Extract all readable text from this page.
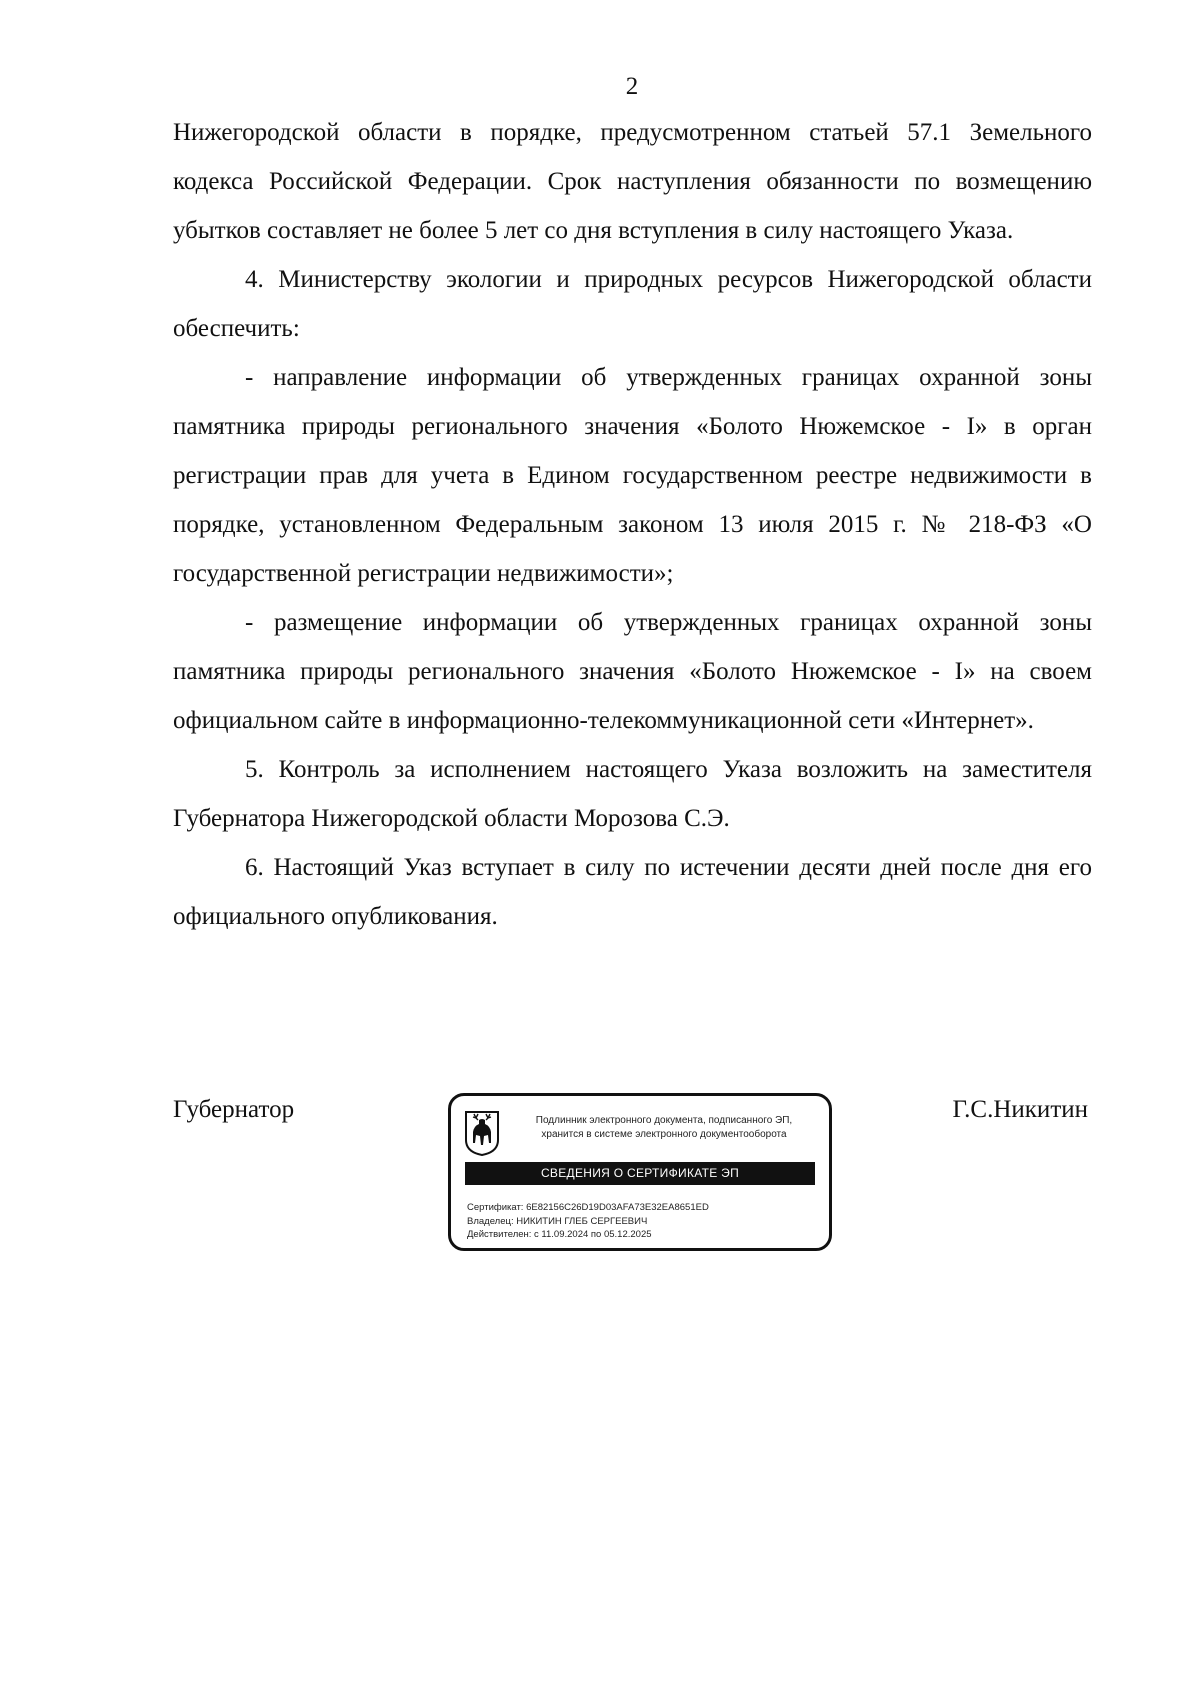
2

Нижегородской области в порядке, предусмотренном статьей 57.1 Земельного кодекса Российской Федерации. Срок наступления обязанности по возмещению убытков составляет не более 5 лет со дня вступления в силу настоящего Указа.

4. Министерству экологии и природных ресурсов Нижегородской области обеспечить:

- направление информации об утвержденных границах охранной зоны памятника природы регионального значения «Болото Нюжемское - I» в орган регистрации прав для учета в Едином государственном реестре недвижимости в порядке, установленном Федеральным законом 13 июля 2015 г. № 218-ФЗ «О государственной регистрации недвижимости»;

- размещение информации об утвержденных границах охранной зоны памятника природы регионального значения «Болото Нюжемское - I» на своем официальном сайте в информационно-телекоммуникационной сети «Интернет».

5. Контроль за исполнением настоящего Указа возложить на заместителя Губернатора Нижегородской области Морозова С.Э.

6. Настоящий Указ вступает в силу по истечении десяти дней после дня его официального опубликования.

Губернатор	Г.С.Никитин
Подлинник электронного документа, подписанного ЭП,
хранится в системе электронного документооборота
СВЕДЕНИЯ О СЕРТИФИКАТЕ ЭП
Сертификат: 6E82156C26D19D03AFA73E32EA8651ED
Владелец: НИКИТИН ГЛЕБ СЕРГЕЕВИЧ
Действителен: с 11.09.2024 по 05.12.2025
